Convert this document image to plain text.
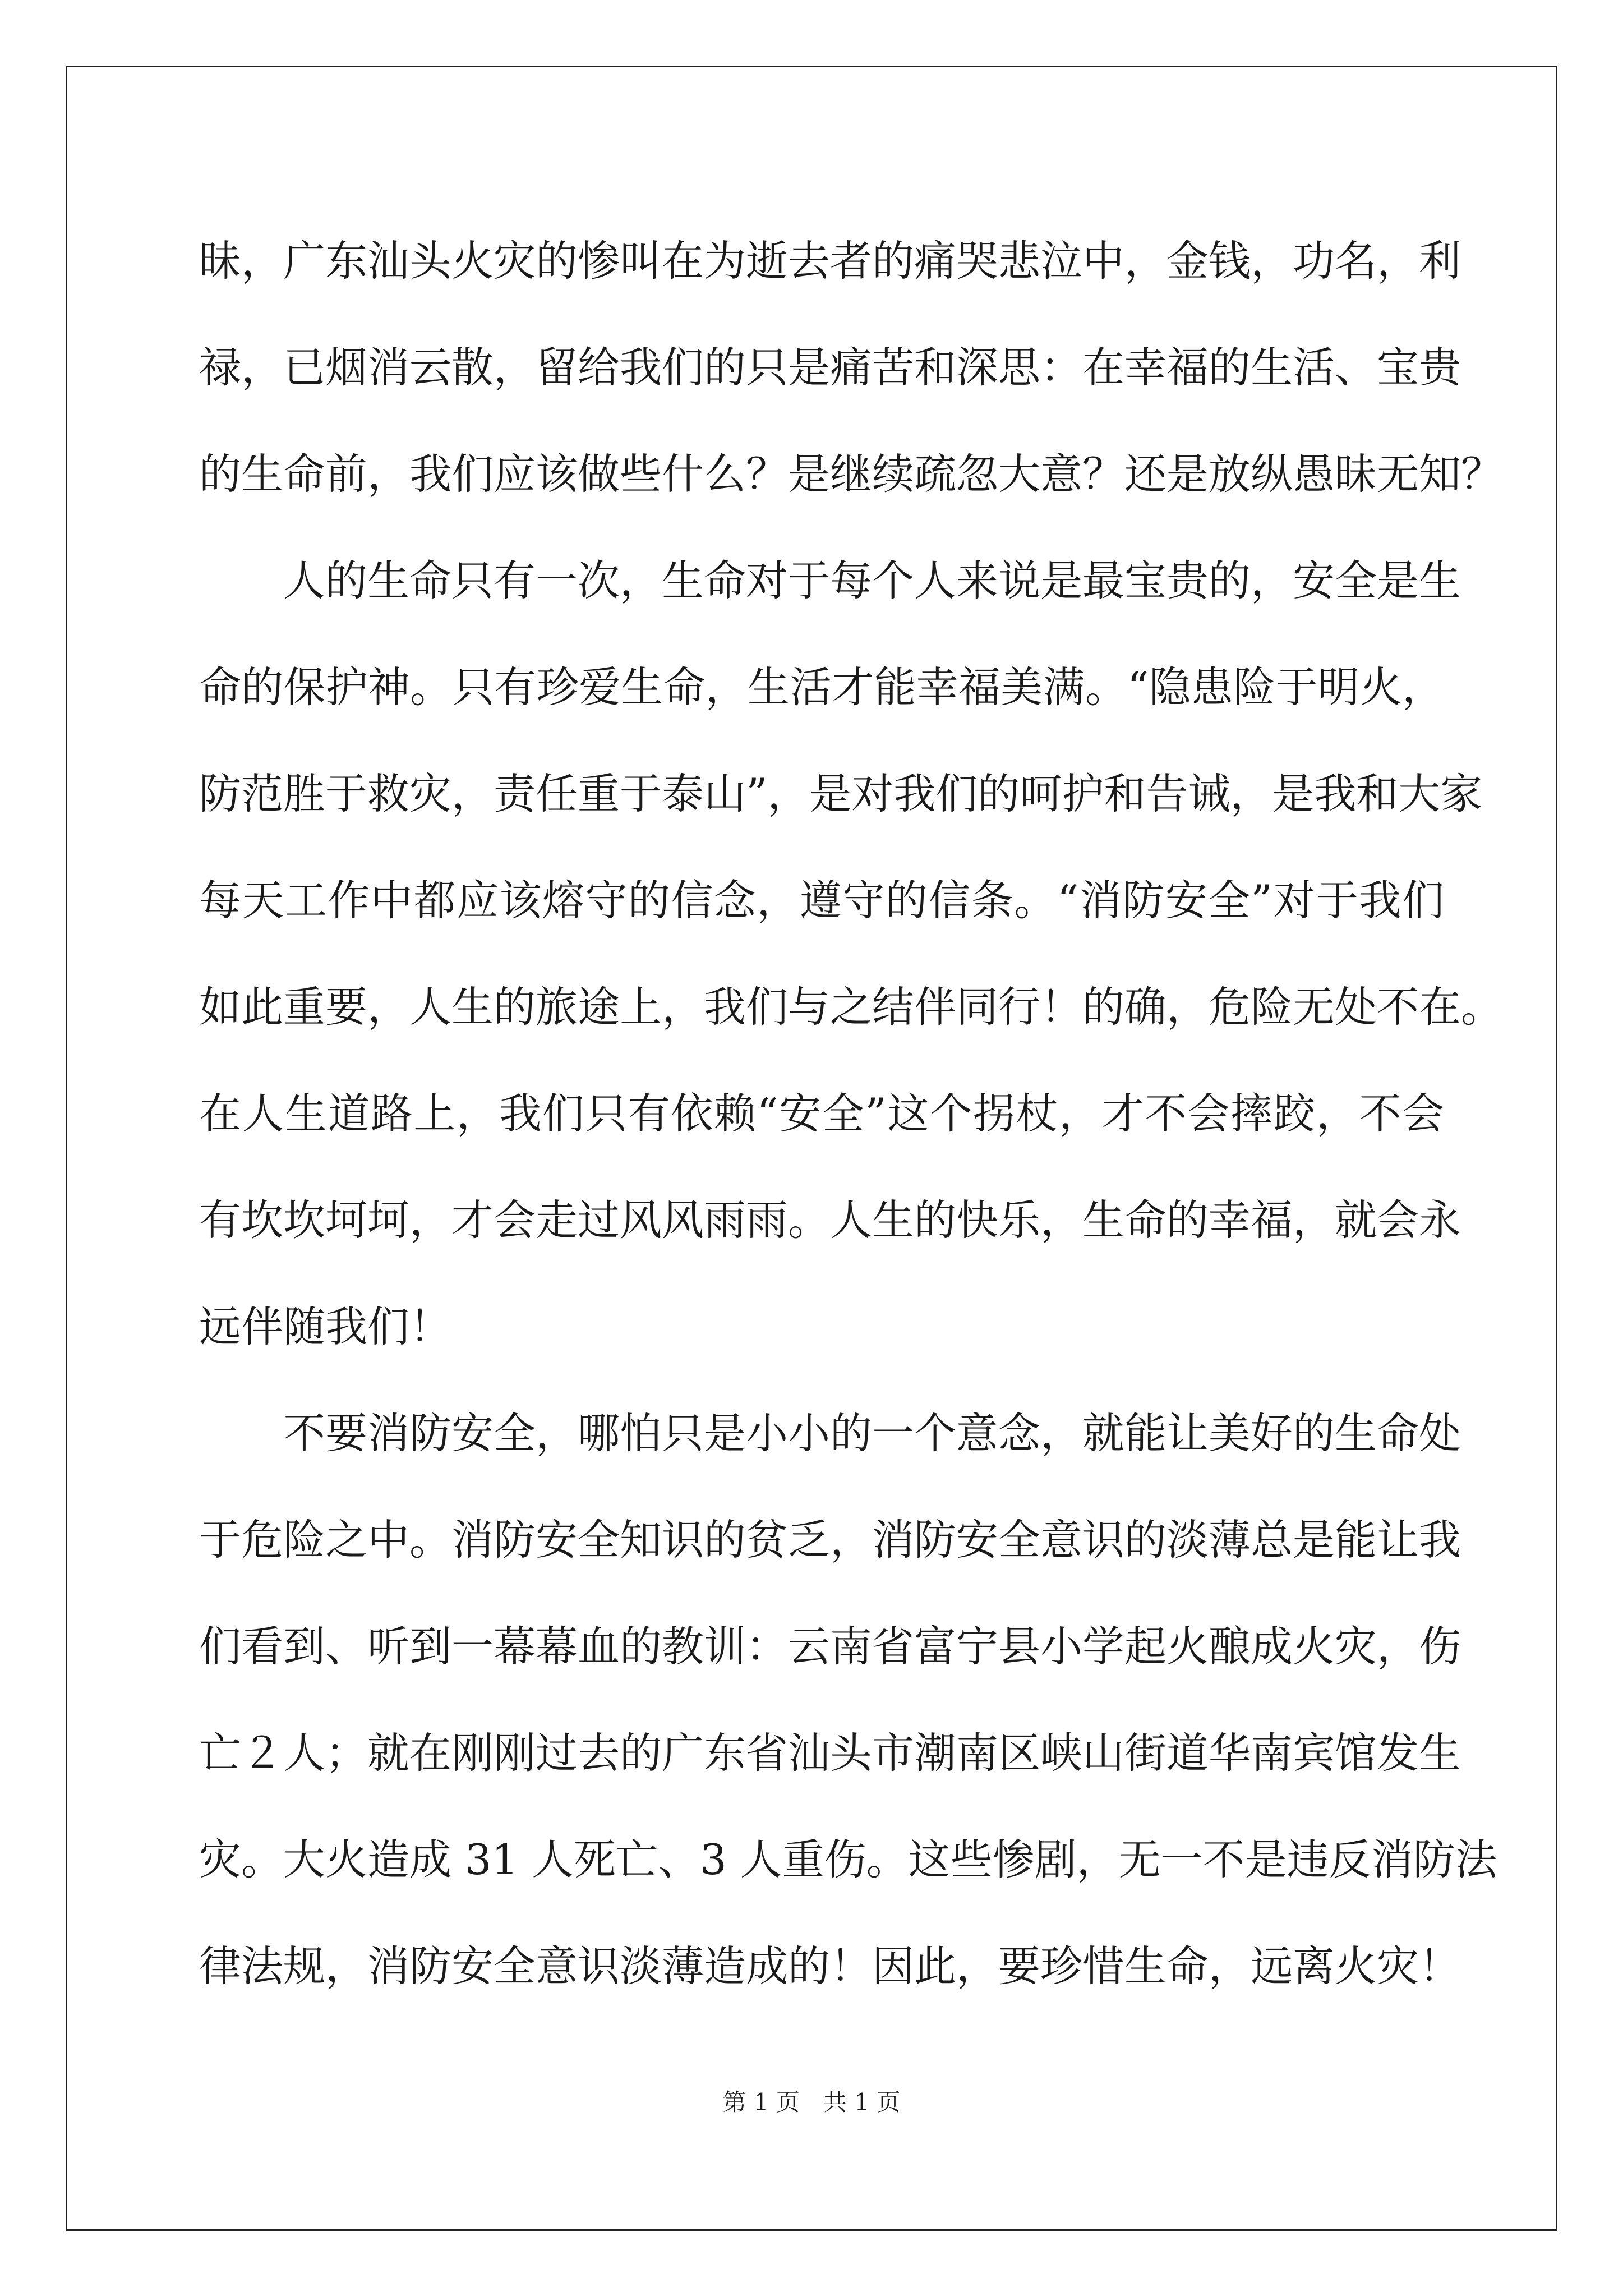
昧，广东汕头火灾的惨叫在为逝去者的痛哭悲泣中，金钱，功名，利
禄，已烟消云散，留给我们的只是痛苦和深思：在幸福的生活、宝贵
的生命前，我们应该做些什么？是继续疏忽大意？还是放纵愚昧无知？
人的生命只有一次，生命对于每个人来说是最宝贵的，安全是生
命的保护神。只有珍爱生命，生活才能幸福美满。“隐患险于明火，
防范胜于救灾，责任重于泰山”，是对我们的呵护和告诫，是我和大家
每天工作中都应该熔守的信念，遵守的信条。“消防安全”对于我们
如此重要，人生的旅途上，我们与之结伴同行！的确，危险无处不在。
在人生道路上，我们只有依赖“安全”这个拐杖，才不会摔跤，不会
有坎坎坷坷，才会走过风风雨雨。人生的快乐，生命的幸福，就会永
远伴随我们！
不要消防安全，哪怕只是小小的一个意念，就能让美好的生命处
于危险之中。消防安全知识的贫乏，消防安全意识的淡薄总是能让我
们看到、听到一幕幕血的教训：云南省富宁县小学起火酿成火灾，伤
亡２人；就在刚刚过去的广东省汕头市潮南区峡山街道华南宾馆发生
灾。大火造成 31 人死亡、3 人重伤。这些惨剧，无一不是违反消防法
律法规，消防安全意识淡薄造成的！因此，要珍惜生命，远离火灾！
第 1 页　共 1 页
